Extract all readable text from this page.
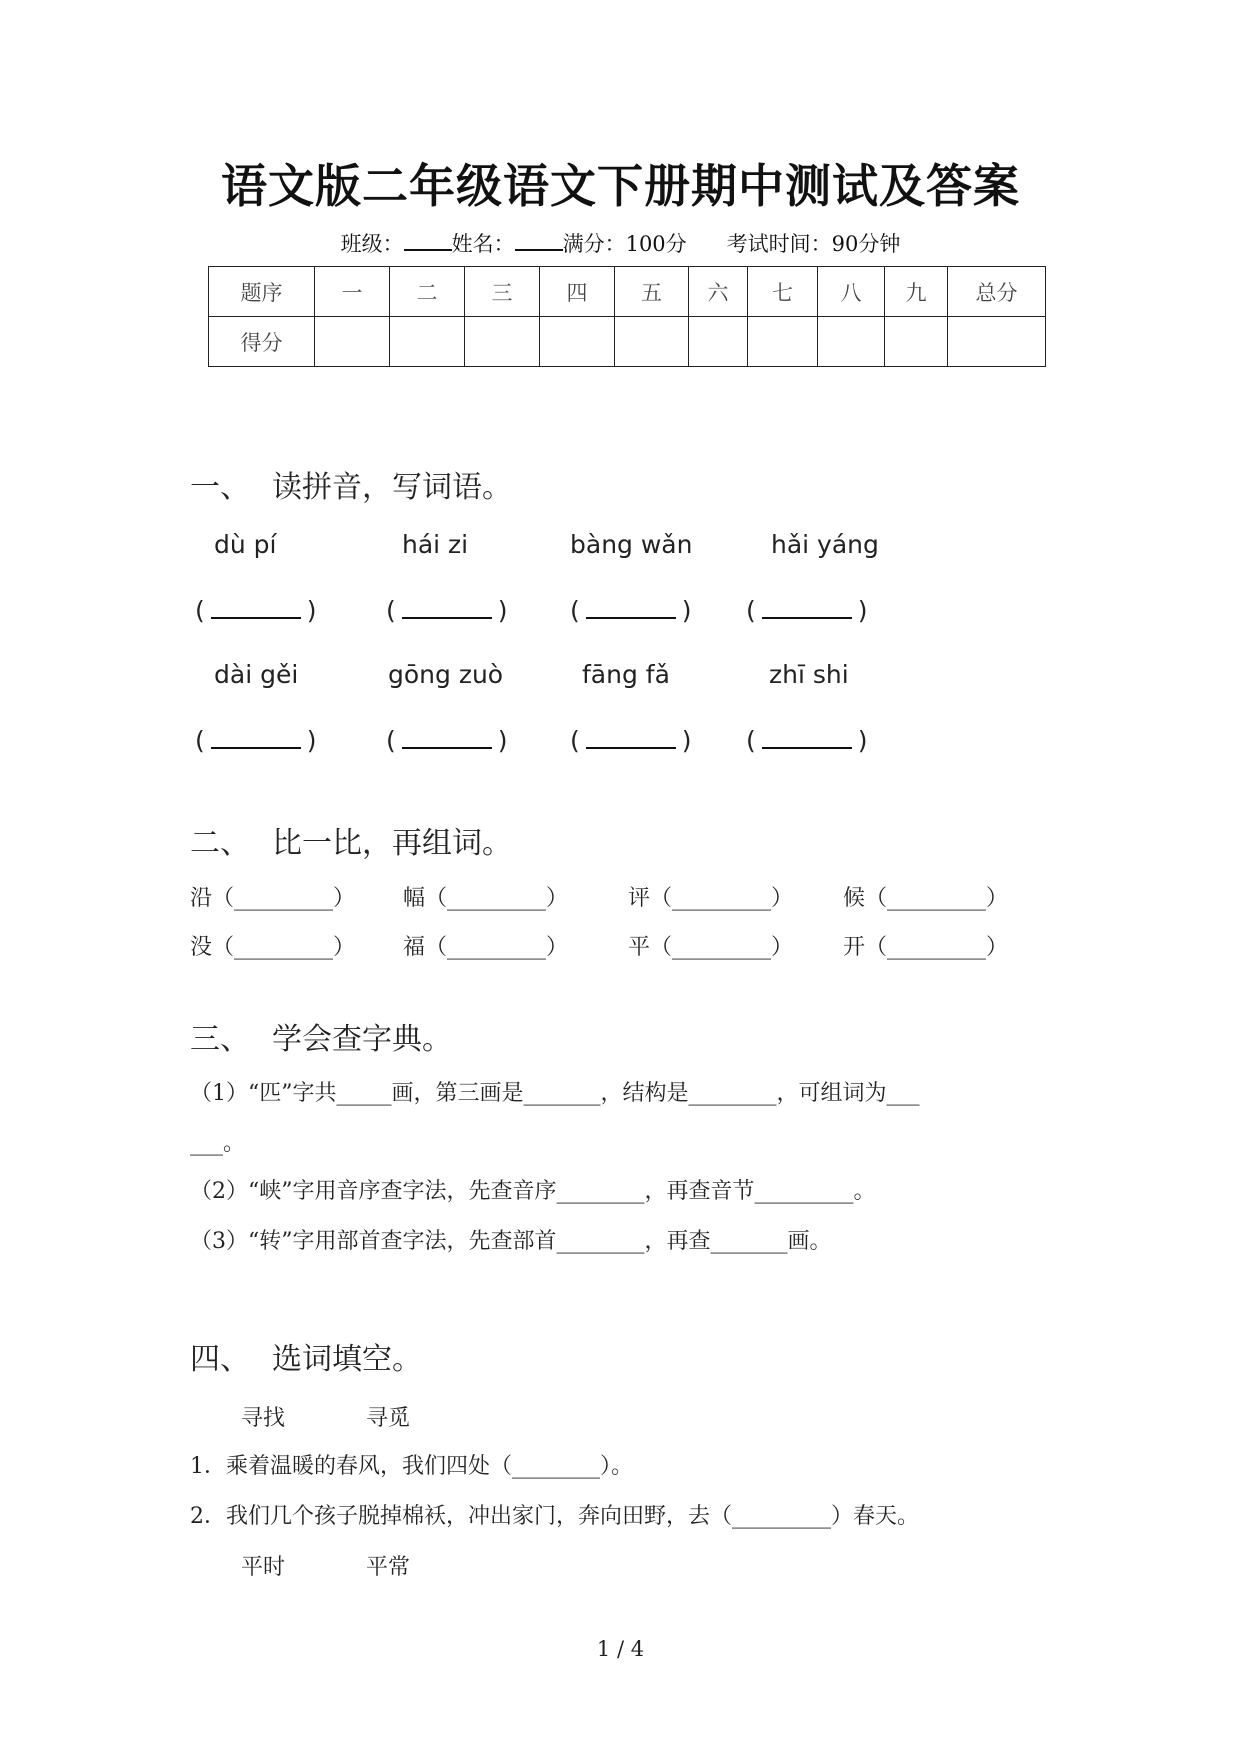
语文版二年级语文下册期中测试及答案
班级： 姓名： 满分：100分 考试时间：90分钟
题序	一	二	三	四	五	六	七	八	九	总分
得分										
一、 读拼音，写词语。
dù pí	hái zi	bàng wǎn	hǎi yáng
(	)	(	) (	) (	)
dài gěi	gōng zuò	fāng fǎ	zhī shi
(	)	(	) (	) (	)
二、 比一比，再组词。
沿（_________） 幅（_________）	评（_________） 候（_________）
没（_________） 福（_________）	平（_________） 开（_________）
三、 学会查字典。
（1）“匹”字共_____画，第三画是_______，结构是________，可组词为___
___。
（2）“峡”字用音序查字法，先查音序________，再查音节_________。
（3）“转”字用部首查字法，先查部首________，再查_______画。
四、 选词填空。
寻找	寻觅
1．乘着温暖的春风，我们四处（________）。
2．我们几个孩子脱掉棉袄，冲出家门，奔向田野，去（_________）春天。
平时	平常
1 / 4
